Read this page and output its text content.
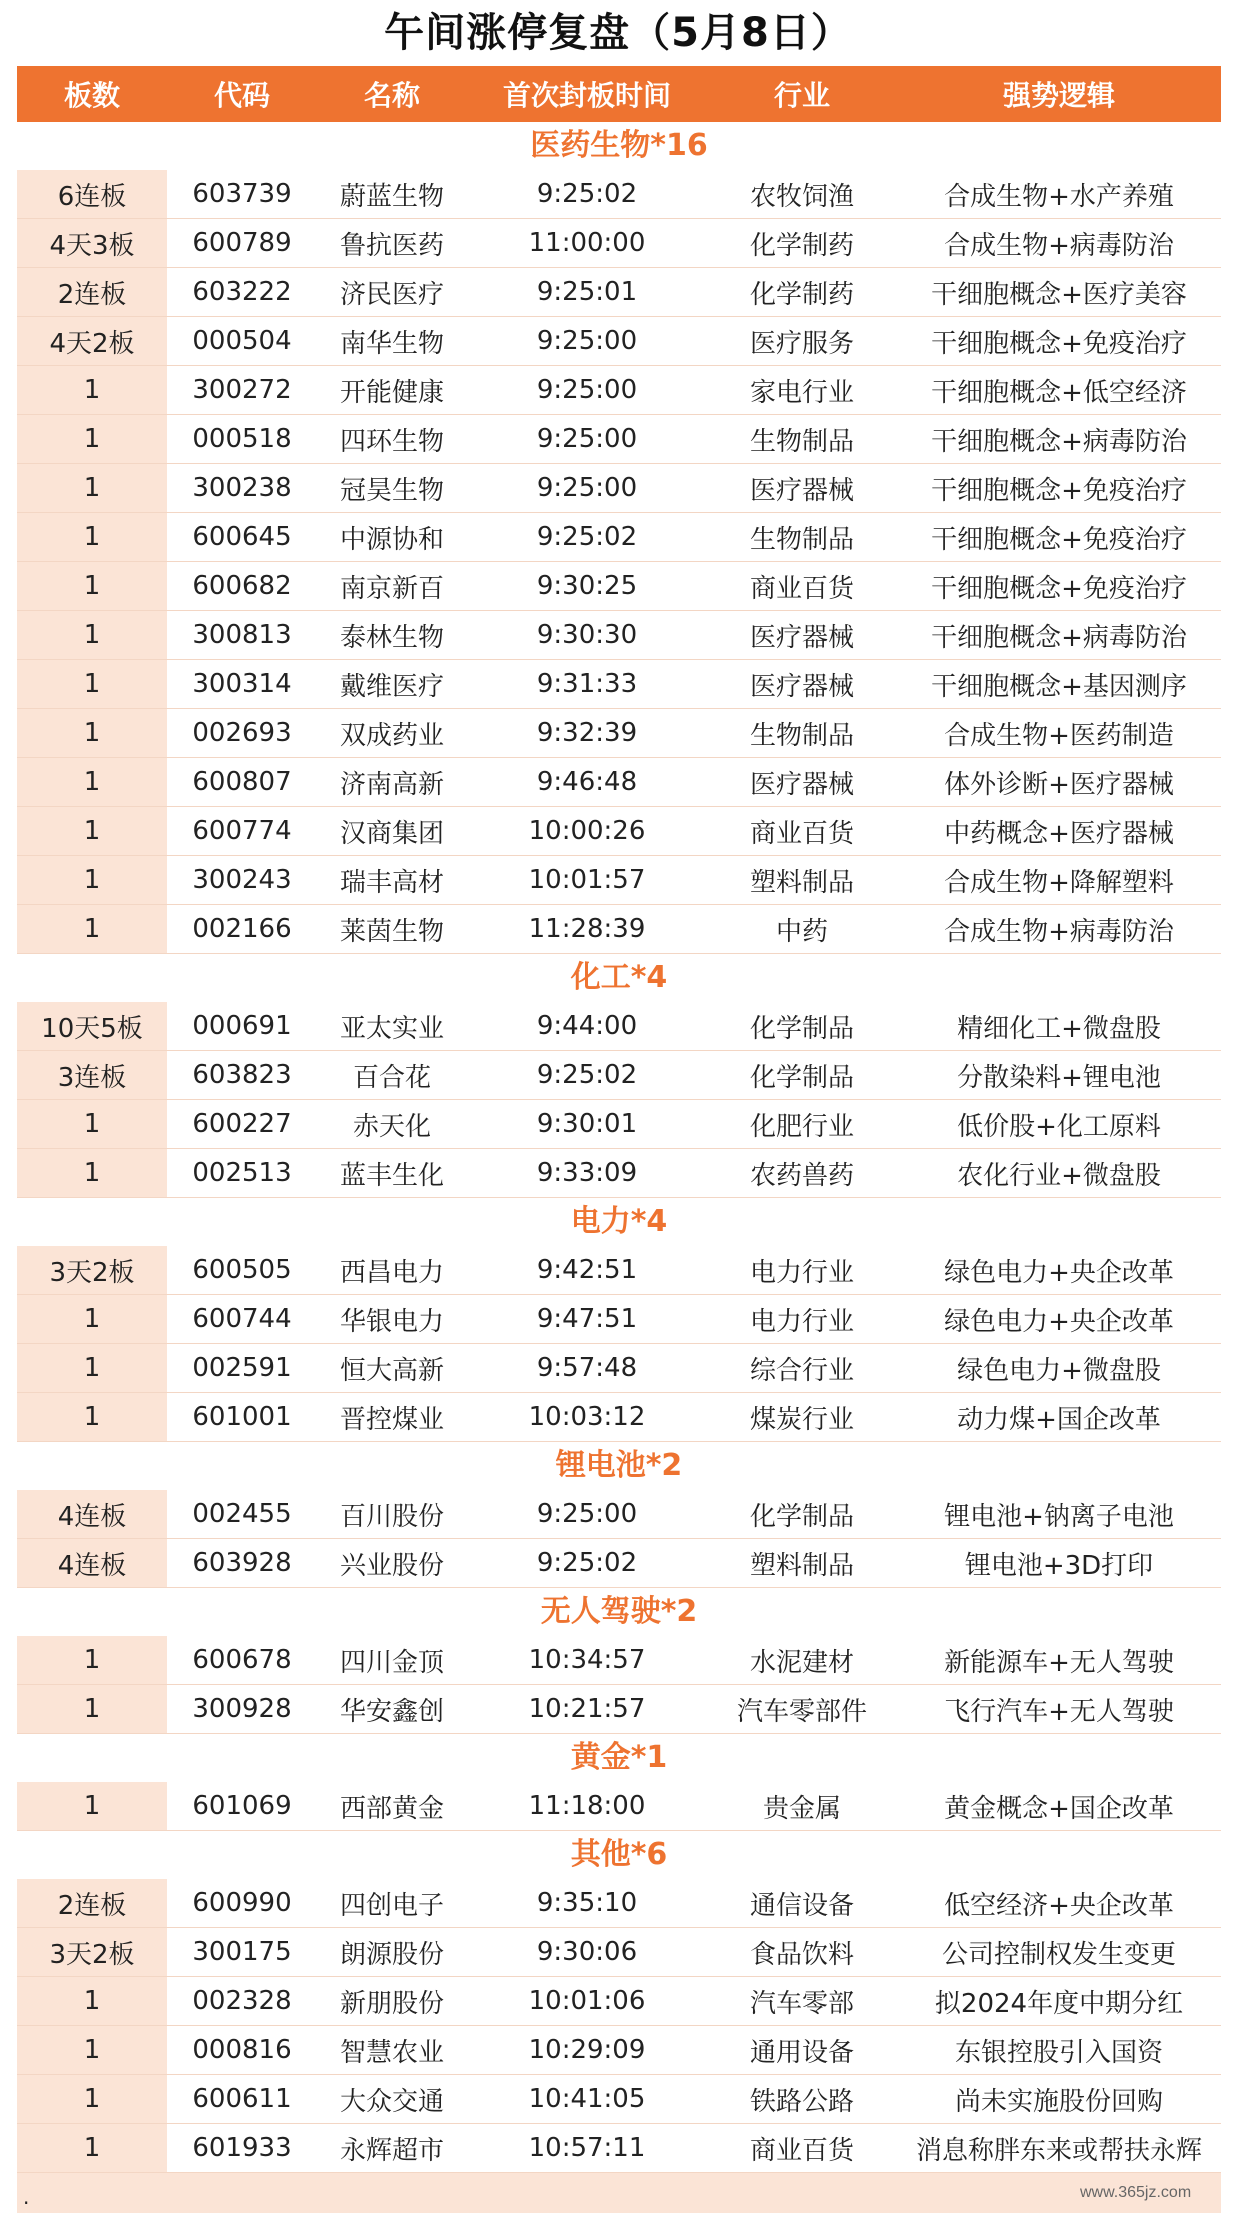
午间涨停复盘（5月8日）
板数	代码	名称	首次封板时间	行业	强势逻辑
医药生物*16
6连板	603739	蔚蓝生物	9:25:02	农牧饲渔	合成生物+水产养殖
4天3板	600789	鲁抗医药	11:00:00	化学制药	合成生物+病毒防治
2连板	603222	济民医疗	9:25:01	化学制药	干细胞概念+医疗美容
4天2板	000504	南华生物	9:25:00	医疗服务	干细胞概念+免疫治疗
1	300272	开能健康	9:25:00	家电行业	干细胞概念+低空经济
1	000518	四环生物	9:25:00	生物制品	干细胞概念+病毒防治
1	300238	冠昊生物	9:25:00	医疗器械	干细胞概念+免疫治疗
1	600645	中源协和	9:25:02	生物制品	干细胞概念+免疫治疗
1	600682	南京新百	9:30:25	商业百货	干细胞概念+免疫治疗
1	300813	泰林生物	9:30:30	医疗器械	干细胞概念+病毒防治
1	300314	戴维医疗	9:31:33	医疗器械	干细胞概念+基因测序
1	002693	双成药业	9:32:39	生物制品	合成生物+医药制造
1	600807	济南高新	9:46:48	医疗器械	体外诊断+医疗器械
1	600774	汉商集团	10:00:26	商业百货	中药概念+医疗器械
1	300243	瑞丰高材	10:01:57	塑料制品	合成生物+降解塑料
1	002166	莱茵生物	11:28:39	中药	合成生物+病毒防治
化工*4
10天5板	000691	亚太实业	9:44:00	化学制品	精细化工+微盘股
3连板	603823	百合花	9:25:02	化学制品	分散染料+锂电池
1	600227	赤天化	9:30:01	化肥行业	低价股+化工原料
1	002513	蓝丰生化	9:33:09	农药兽药	农化行业+微盘股
电力*4
3天2板	600505	西昌电力	9:42:51	电力行业	绿色电力+央企改革
1	600744	华银电力	9:47:51	电力行业	绿色电力+央企改革
1	002591	恒大高新	9:57:48	综合行业	绿色电力+微盘股
1	601001	晋控煤业	10:03:12	煤炭行业	动力煤+国企改革
锂电池*2
4连板	002455	百川股份	9:25:00	化学制品	锂电池+钠离子电池
4连板	603928	兴业股份	9:25:02	塑料制品	锂电池+3D打印
无人驾驶*2
1	600678	四川金顶	10:34:57	水泥建材	新能源车+无人驾驶
1	300928	华安鑫创	10:21:57	汽车零部件	飞行汽车+无人驾驶
黄金*1
1	601069	西部黄金	11:18:00	贵金属	黄金概念+国企改革
其他*6
2连板	600990	四创电子	9:35:10	通信设备	低空经济+央企改革
3天2板	300175	朗源股份	9:30:06	食品饮料	公司控制权发生变更
1	002328	新朋股份	10:01:06	汽车零部	拟2024年度中期分红
1	000816	智慧农业	10:29:09	通用设备	东银控股引入国资
1	600611	大众交通	10:41:05	铁路公路	尚未实施股份回购
1	601933	永辉超市	10:57:11	商业百货	消息称胖东来或帮扶永辉
.	www.365jz.com
